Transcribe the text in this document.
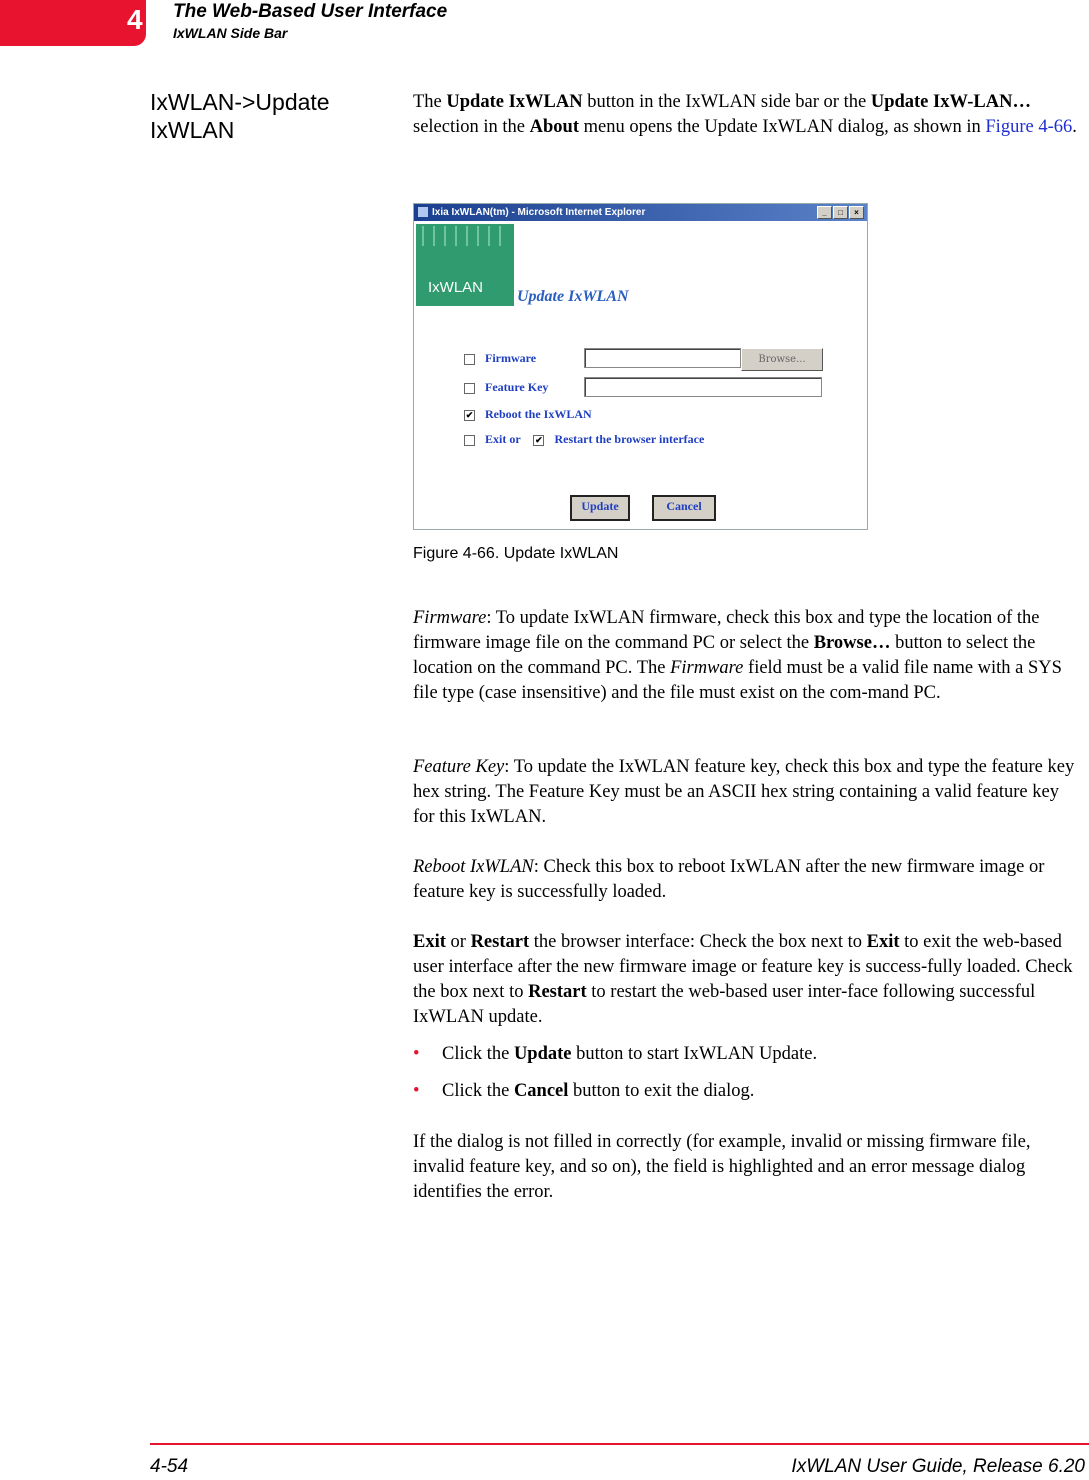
4 The Web-Based User Interface
IxWLAN Side Bar
IxWLAN->Update
IxWLAN

The Update IxWLAN button in the IxWLAN side bar or the Update IxW-LAN… selection in the About menu opens the Update IxWLAN dialog, as shown in Figure 4-66.

Ixia IxWLAN(tm) - Microsoft Internet Explorer	_	□	×
IxWLAN
Update IxWLAN
Firmware	Browse...
Feature Key
✔ Reboot the IxWLAN
Exit or ✔ Restart the browser interface
Update	Cancel
Figure 4-66. Update IxWLAN

Firmware: To update IxWLAN firmware, check this box and type the location of the firmware image file on the command PC or select the Browse… button to select the location on the command PC. The Firmware field must be a valid file name with a SYS file type (case insensitive) and the file must exist on the com-mand PC.

Feature Key: To update the IxWLAN feature key, check this box and type the feature key hex string. The Feature Key must be an ASCII hex string containing a valid feature key for this IxWLAN.

Reboot IxWLAN: Check this box to reboot IxWLAN after the new firmware image or feature key is successfully loaded.

Exit or Restart the browser interface: Check the box next to Exit to exit the web-based user interface after the new firmware image or feature key is success-fully loaded. Check the box next to Restart to restart the web-based user inter-face following successful IxWLAN update.

• Click the Update button to start IxWLAN Update.
• Click the Cancel button to exit the dialog.

If the dialog is not filled in correctly (for example, invalid or missing firmware file, invalid feature key, and so on), the field is highlighted and an error message dialog identifies the error.

4-54	IxWLAN User Guide, Release 6.20
